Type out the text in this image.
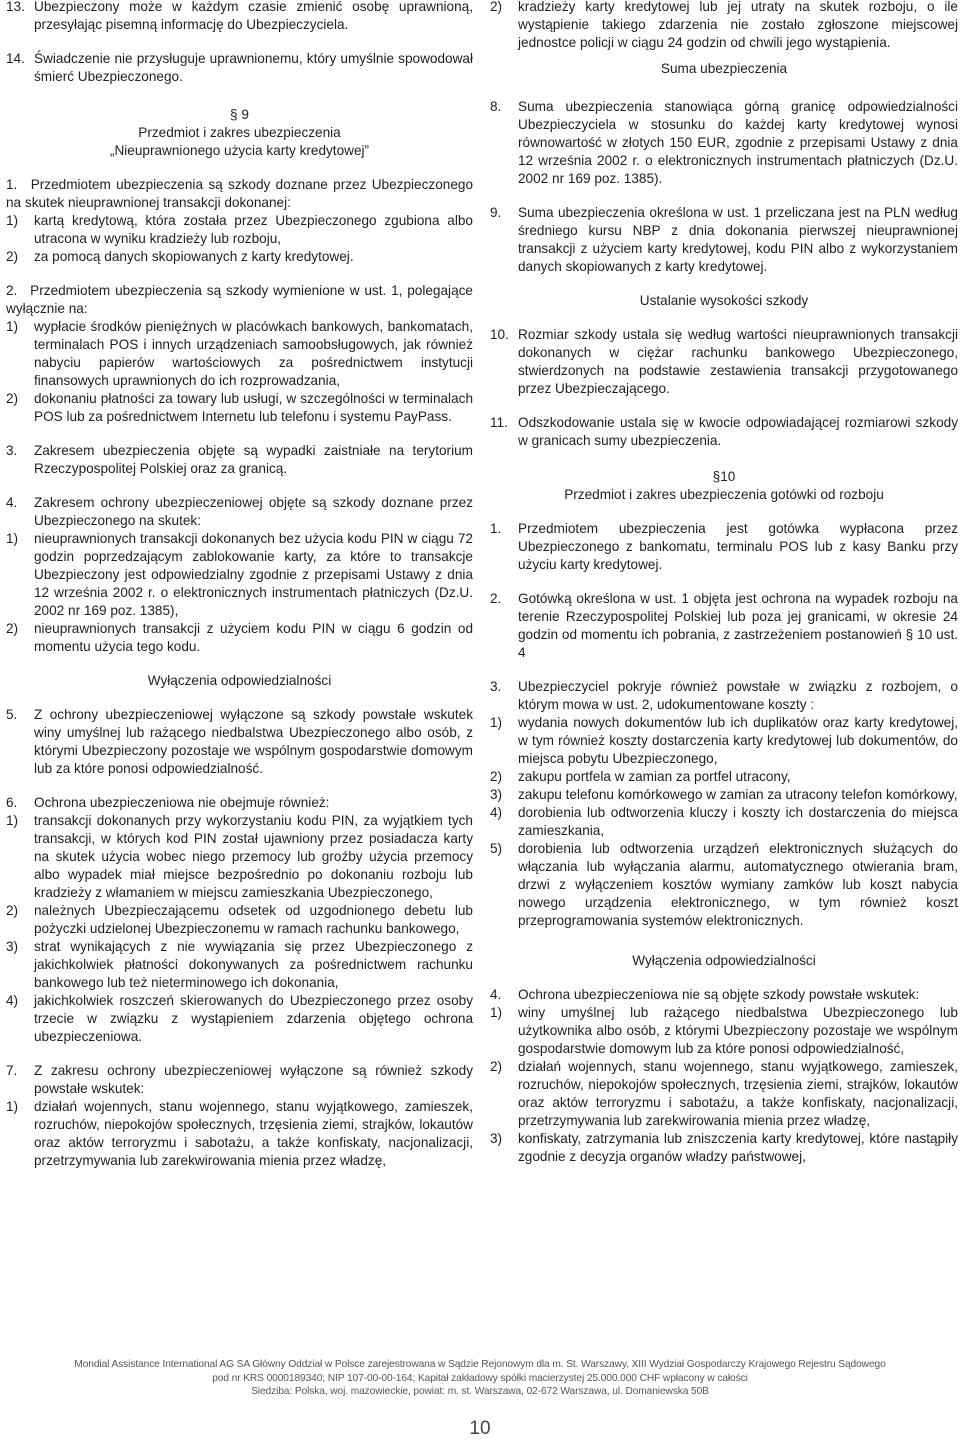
13. Ubezpieczony może w każdym czasie zmienić osobę uprawnioną, przesyłając pisemną informację do Ubezpieczyciela.
14. Świadczenie nie przysługuje uprawnionemu, który umyślnie spowodował śmierć Ubezpieczonego.
§ 9
Przedmiot i zakres ubezpieczenia
„Nieuprawnionego użycia karty kredytowej”
1. Przedmiotem ubezpieczenia są szkody doznane przez Ubezpieczonego na skutek nieuprawnionej transakcji dokonanej:
1) kartą kredytową, która została przez Ubezpieczonego zgubiona albo utracona w wyniku kradzieży lub rozboju,
2) za pomocą danych skopiowanych z karty kredytowej.
2. Przedmiotem ubezpieczenia są szkody wymienione w ust. 1, polegające wyłącznie na:
1) wypłacie środków pieniężnych w placówkach bankowych, bankomatach, terminalach POS i innych urządzeniach samoobsługowych, jak również nabyciu papierów wartościowych za pośrednictwem instytucji finansowych uprawnionych do ich rozprowadzania,
2) dokonaniu płatności za towary lub usługi, w szczególności w terminalach POS lub za pośrednictwem Internetu lub telefonu i systemu PayPass.
3. Zakresem ubezpieczenia objęte są wypadki zaistniałe na terytorium Rzeczypospolitej Polskiej oraz za granicą.
4. Zakresem ochrony ubezpieczeniowej objęte są szkody doznane przez Ubezpieczonego na skutek:
1) nieuprawnionych transakcji dokonanych bez użycia kodu PIN w ciągu 72 godzin poprzedzającym zablokowanie karty, za które to transakcje Ubezpieczony jest odpowiedzialny zgodnie z przepisami Ustawy z dnia 12 września 2002 r. o elektronicznych instrumentach płatniczych (Dz.U. 2002 nr 169 poz. 1385),
2) nieuprawnionych transakcji z użyciem kodu PIN w ciągu 6 godzin od momentu użycia tego kodu.
Wyłączenia odpowiedzialności
5. Z ochrony ubezpieczeniowej wyłączone są szkody powstałe wskutek winy umyślnej lub rażącego niedbalstwa Ubezpieczonego albo osób, z którymi Ubezpieczony pozostaje we wspólnym gospodarstwie domowym lub za które ponosi odpowiedzialność.
6. Ochrona ubezpieczeniowa nie obejmuje również:
1) transakcji dokonanych przy wykorzystaniu kodu PIN, za wyjątkiem tych transakcji, w których kod PIN został ujawniony przez posiadacza karty na skutek użycia wobec niego przemocy lub groźby użycia przemocy albo wypadek miał miejsce bezpośrednio po dokonaniu rozboju lub kradzieży z włamaniem w miejscu zamieszkania Ubezpieczonego,
2) należnych Ubezpieczającemu odsetek od uzgodnionego debetu lub pożyczki udzielonej Ubezpieczonemu w ramach rachunku bankowego,
3) strat wynikających z nie wywiązania się przez Ubezpieczonego z jakichkolwiek płatności dokonywanych za pośrednictwem rachunku bankowego lub też nieterminowego ich dokonania,
4) jakichkolwiek roszczeń skierowanych do Ubezpieczonego przez osoby trzecie w związku z wystąpieniem zdarzenia objętego ochrona ubezpieczeniowa.
7. Z zakresu ochrony ubezpieczeniowej wyłączone są również szkody powstałe wskutek:
1) działań wojennych, stanu wojennego, stanu wyjątkowego, zamieszek, rozruchów, niepokojów społecznych, trzęsienia ziemi, strajków, lokautów oraz aktów terroryzmu i sabotażu, a także konfiskaty, nacjonalizacji, przetrzymywania lub zarekwirowania mienia przez władzę,
2) kradzieży karty kredytowej lub jej utraty na skutek rozboju, o ile wystąpienie takiego zdarzenia nie zostało zgłoszone miejscowej jednostce policji w ciągu 24 godzin od chwili jego wystąpienia.
Suma ubezpieczenia
8. Suma ubezpieczenia stanowiąca górną granicę odpowiedzialności Ubezpieczyciela w stosunku do każdej karty kredytowej wynosi równowartość w złotych 150 EUR, zgodnie z przepisami Ustawy z dnia 12 września 2002 r. o elektronicznych instrumentach płatniczych (Dz.U. 2002 nr 169 poz. 1385).
9. Suma ubezpieczenia określona w ust. 1 przeliczana jest na PLN według średniego kursu NBP z dnia dokonania pierwszej nieuprawnionej transakcji z użyciem karty kredytowej, kodu PIN albo z wykorzystaniem danych skopiowanych z karty kredytowej.
Ustalanie wysokości szkody
10. Rozmiar szkody ustala się według wartości nieuprawnionych transakcji dokonanych w ciężar rachunku bankowego Ubezpieczonego, stwierdzonych na podstawie zestawienia transakcji przygotowanego przez Ubezpieczającego.
11. Odszkodowanie ustala się w kwocie odpowiadającej rozmiarowi szkody w granicach sumy ubezpieczenia.
§10
Przedmiot i zakres ubezpieczenia gotówki od rozboju
1. Przedmiotem ubezpieczenia jest gotówka wypłacona przez Ubezpieczonego z bankomatu, terminalu POS lub z kasy Banku przy użyciu karty kredytowej.
2. Gotówką określona w ust. 1 objęta jest ochrona na wypadek rozboju na terenie Rzeczypospolitej Polskiej lub poza jej granicami, w okresie 24 godzin od momentu ich pobrania, z zastrzeżeniem postanowień § 10 ust. 4
3. Ubezpieczyciel pokryje również powstałe w związku z rozbojem, o którym mowa w ust. 2, udokumentowane koszty :
1) wydania nowych dokumentów lub ich duplikatów oraz karty kredytowej, w tym również koszty dostarczenia karty kredytowej lub dokumentów, do miejsca pobytu Ubezpieczonego,
2) zakupu portfela w zamian za portfel utracony,
3) zakupu telefonu komórkowego w zamian za utracony telefon komórkowy,
4) dorobienia lub odtworzenia kluczy i koszty ich dostarczenia do miejsca zamieszkania,
5) dorobienia lub odtworzenia urządzeń elektronicznych służących do włączania lub wyłączania alarmu, automatycznego otwierania bram, drzwi z wyłączeniem kosztów wymiany zamków lub koszt nabycia nowego urządzenia elektronicznego, w tym również koszt przeprogramowania systemów elektronicznych.
Wyłączenia odpowiedzialności
4. Ochrona ubezpieczeniowa nie są objęte szkody powstałe wskutek:
1) winy umyślnej lub rażącego niedbalstwa Ubezpieczonego lub użytkownika albo osób, z którymi Ubezpieczony pozostaje we wspólnym gospodarstwie domowym lub za które ponosi odpowiedzialność,
2) działań wojennych, stanu wojennego, stanu wyjątkowego, zamieszek, rozruchów, niepokojów społecznych, trzęsienia ziemi, strajków, lokautów oraz aktów terroryzmu i sabotażu, a także konfiskaty, nacjonalizacji, przetrzymywania lub zarekwirowania mienia przez władzę,
3) konfiskaty, zatrzymania lub zniszczenia karty kredytowej, które nastąpiły zgodnie z decyzja organów władzy państwowej,
Mondial Assistance International AG SA Główny Oddział w Polsce zarejestrowana w Sądzie Rejonowym dla m. St. Warszawy, XIII Wydział Gospodarczy Krajowego Rejestru Sądowego
pod nr KRS 0000189340; NIP 107-00-00-164; Kapitał zakładowy spółki macierzystej 25.000.000 CHF wpłacony w całości
Siedziba: Polska, woj. mazowieckie, powiat: m. st. Warszawa, 02-672 Warszawa, ul. Domaniewska 50B
10
